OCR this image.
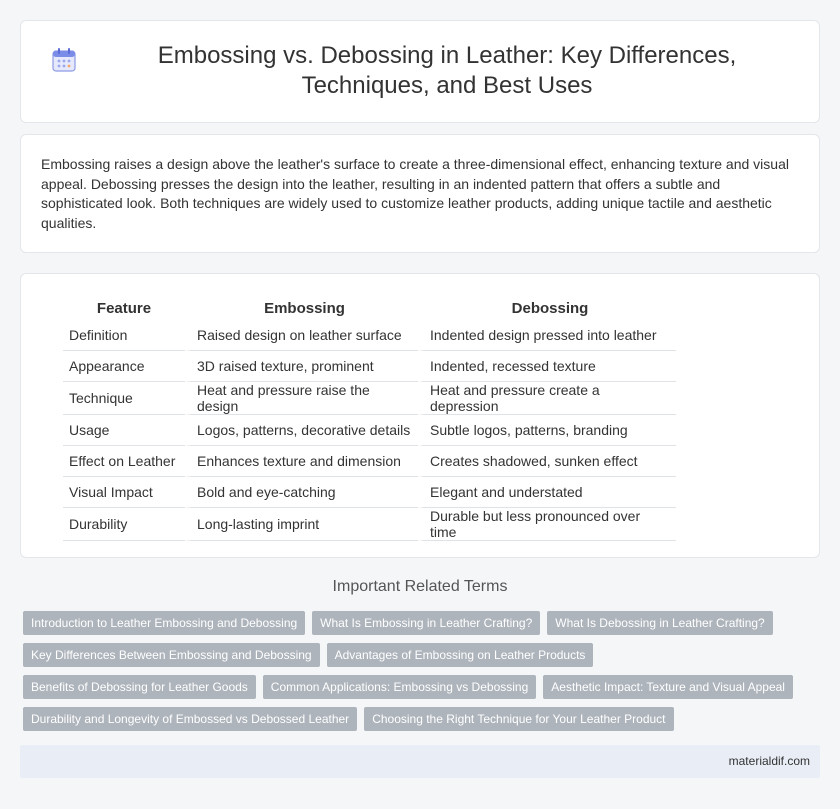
Embossing vs. Debossing in Leather: Key Differences, Techniques, and Best Uses

Embossing raises a design above the leather's surface to create a three-dimensional effect, enhancing texture and visual appeal. Debossing presses the design into the leather, resulting in an indented pattern that offers a subtle and sophisticated look. Both techniques are widely used to customize leather products, adding unique tactile and aesthetic qualities.

Feature	Embossing	Debossing
Definition	Raised design on leather surface	Indented design pressed into leather
Appearance	3D raised texture, prominent	Indented, recessed texture
Technique	Heat and pressure raise the design	Heat and pressure create a depression
Usage	Logos, patterns, decorative details	Subtle logos, patterns, branding
Effect on Leather	Enhances texture and dimension	Creates shadowed, sunken effect
Visual Impact	Bold and eye-catching	Elegant and understated
Durability	Long-lasting imprint	Durable but less pronounced over time
Important Related Terms
Introduction to Leather Embossing and Debossing	What Is Embossing in Leather Crafting?	What Is Debossing in Leather Crafting?
Key Differences Between Embossing and Debossing	Advantages of Embossing on Leather Products
Benefits of Debossing for Leather Goods	Common Applications: Embossing vs Debossing	Aesthetic Impact: Texture and Visual Appeal
Durability and Longevity of Embossed vs Debossed Leather	Choosing the Right Technique for Your Leather Product
materialdif.com
